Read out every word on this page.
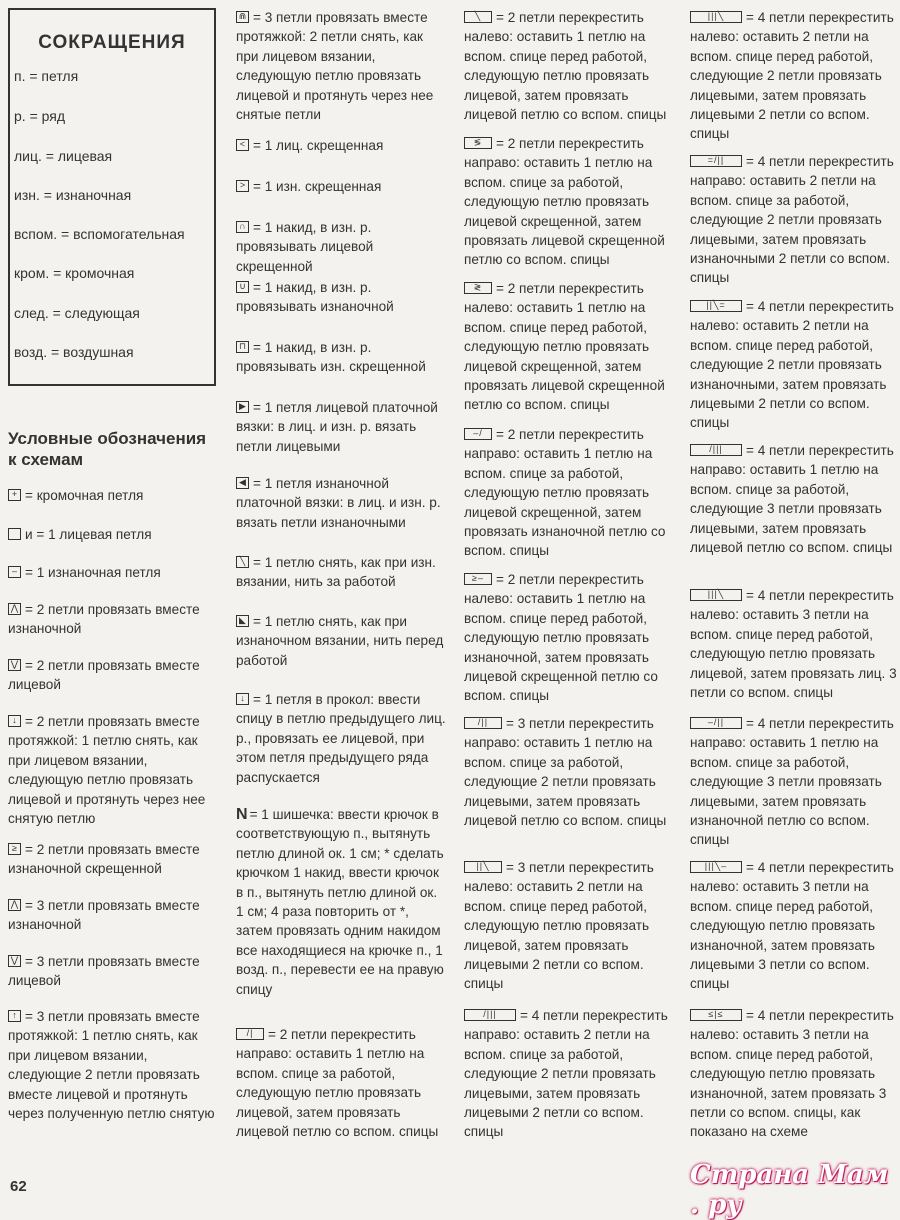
СОКРАЩЕНИЯ
п. = петля
р. = ряд
лиц. = лицевая
изн. = изнаночная
вспом. = вспомогательная
кром. = кромочная
след. = следующая
возд. = воздушная
Условные обозначения к схемам
+ = кромочная петля
и = 1 лицевая петля
– = 1 изнаночная петля
⋀ = 2 петли провязать вместе изнаночной
⋁ = 2 петли провязать вместе лицевой
↓ = 2 петли провязать вместе протяжкой: 1 петлю снять, как при лицевом вязании, следующую петлю провязать лицевой и протянуть через нее снятую петлю
≥ = 2 петли провязать вместе изнаночной скрещенной
⋀ = 3 петли провязать вместе изнаночной
⋁ = 3 петли провязать вместе лицевой
↑ = 3 петли провязать вместе протяжкой: 1 петлю снять, как при лицевом вязании, следующие 2 петли провязать вместе лицевой и протянуть через полученную петлю снятую
⋒ = 3 петли провязать вместе протяжкой: 2 петли снять, как при лицевом вязании, следующую петлю провязать лицевой и протянуть через нее снятые петли
< = 1 лиц. скрещенная
> = 1 изн. скрещенная
∩ = 1 накид, в изн. р. провязывать лицевой скрещенной
∪ = 1 накид, в изн. р. провязывать изнаночной
⊓ = 1 накид, в изн. р. провязывать изн. скрещенной
▶ = 1 петля лицевой платочной вязки: в лиц. и изн. р. вязать петли лицевыми
◀ = 1 петля изнаночной платочной вязки: в лиц. и изн. р. вязать петли изнаночными
╲ = 1 петлю снять, как при изн. вязании, нить за работой
◣ = 1 петлю снять, как при изнаночном вязании, нить перед работой
↓ = 1 петля в прокол: ввести спицу в петлю предыдущего лиц. р., провязать ее лицевой, при этом петля предыдущего ряда распускается
N = 1 шишечка: ввести крючок в соответствующую п., вытянуть петлю длиной ок. 1 см; * сделать крючком 1 накид, ввести крючок в п., вытянуть петлю длиной ок. 1 см; 4 раза повторить от *, затем провязать одним накидом все находящиеся на крючке п., 1 возд. п., перевести ее на правую спицу
/|	= 2 петли перекрестить направо: оставить 1 петлю на вспом. спице за работой, следующую петлю провязать лицевой, затем провязать лицевой петлю со вспом. спицы
╲	= 2 петли перекрестить налево: оставить 1 петлю на вспом. спице перед работой, следующую петлю провязать лицевой, затем провязать лицевой петлю со вспом. спицы
≶	= 2 петли перекрестить направо: оставить 1 петлю на вспом. спице за работой, следующую петлю провязать лицевой скрещенной, затем провязать лицевой скрещенной петлю со вспом. спицы
≷	= 2 петли перекрестить налево: оставить 1 петлю на вспом. спице перед работой, следующую петлю провязать лицевой скрещенной, затем провязать лицевой скрещенной петлю со вспом. спицы
–/ = 2 петли перекрестить направо: оставить 1 петлю на вспом. спице за работой, следующую петлю провязать лицевой скрещенной, затем провязать изнаночной петлю со вспом. спицы
≥– = 2 петли перекрестить налево: оставить 1 петлю на вспом. спице перед работой, следующую петлю провязать изнаночной, затем провязать лицевой скрещенной петлю со вспом. спицы
/||	= 3 петли перекрестить направо: оставить 1 петлю на вспом. спице за работой, следующие 2 петли провязать лицевыми, затем провязать лицевой петлю со вспом. спицы
||╲	= 3 петли перекрестить налево: оставить 2 петли на вспом. спице перед работой, следующую петлю провязать лицевой, затем провязать лицевыми 2 петли со вспом. спицы
/|||	= 4 петли перекрестить направо: оставить 2 петли на вспом. спице за работой, следующие 2 петли провязать лицевыми, затем провязать лицевыми 2 петли со вспом. спицы
|||╲	= 4 петли перекрестить налево: оставить 2 петли на вспом. спице перед работой, следующие 2 петли провязать лицевыми, затем провязать лицевыми 2 петли со вспом. спицы
=/||	= 4 петли перекрестить направо: оставить 2 петли на вспом. спице за работой, следующие 2 петли провязать лицевыми, затем провязать изнаночными 2 петли со вспом. спицы
||╲=	= 4 петли перекрестить налево: оставить 2 петли на вспом. спице перед работой, следующие 2 петли провязать изнаночными, затем провязать лицевыми 2 петли со вспом. спицы
/|||	= 4 петли перекрестить направо: оставить 1 петлю на вспом. спице за работой, следующие 3 петли провязать лицевыми, затем провязать лицевой петлю со вспом. спицы
|||╲	= 4 петли перекрестить налево: оставить 3 петли на вспом. спице перед работой, следующую петлю провязать лицевой, затем провязать лиц. 3 петли со вспом. спицы
–/||	= 4 петли перекрестить направо: оставить 1 петлю на вспом. спице за работой, следующие 3 петли провязать лицевыми, затем провязать изнаночной петлю со вспом. спицы
|||╲–	= 4 петли перекрестить налево: оставить 3 петли на вспом. спице перед работой, следующую петлю провязать изнаночной, затем провязать лицевыми 3 петли со вспом. спицы
≤|≤	= 4 петли перекрестить налево: оставить 3 петли на вспом. спице перед работой, следующую петлю провязать изнаночной, затем провязать 3 петли со вспом. спицы, как показано на схеме
62	Страна Мам . ру
